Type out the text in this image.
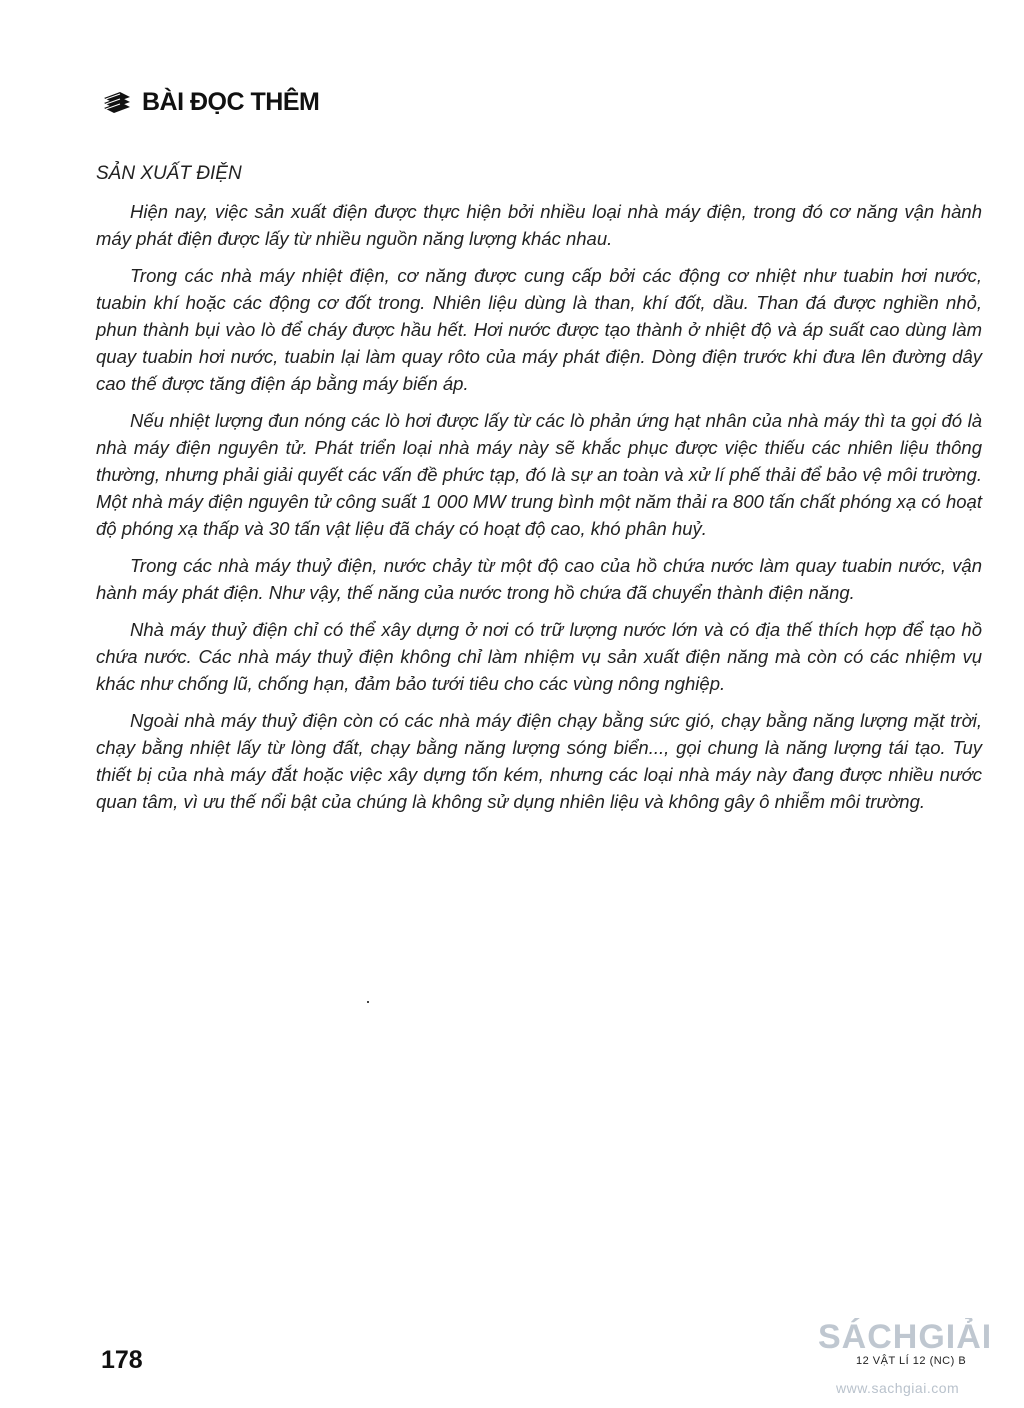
BÀI ĐỌC THÊM
SẢN XUẤT ĐIỆN

Hiện nay, việc sản xuất điện được thực hiện bởi nhiều loại nhà máy điện, trong đó cơ năng vận hành máy phát điện được lấy từ nhiều nguồn năng lượng khác nhau.

Trong các nhà máy nhiệt điện, cơ năng được cung cấp bởi các động cơ nhiệt như tuabin hơi nước, tuabin khí hoặc các động cơ đốt trong. Nhiên liệu dùng là than, khí đốt, dầu. Than đá được nghiền nhỏ, phun thành bụi vào lò để cháy được hầu hết. Hơi nước được tạo thành ở nhiệt độ và áp suất cao dùng làm quay tuabin hơi nước, tuabin lại làm quay rôto của máy phát điện. Dòng điện trước khi đưa lên đường dây cao thế được tăng điện áp bằng máy biến áp.

Nếu nhiệt lượng đun nóng các lò hơi được lấy từ các lò phản ứng hạt nhân của nhà máy thì ta gọi đó là nhà máy điện nguyên tử. Phát triển loại nhà máy này sẽ khắc phục được việc thiếu các nhiên liệu thông thường, nhưng phải giải quyết các vấn đề phức tạp, đó là sự an toàn và xử lí phế thải để bảo vệ môi trường. Một nhà máy điện nguyên tử công suất 1 000 MW trung bình một năm thải ra 800 tấn chất phóng xạ có hoạt độ phóng xạ thấp và 30 tấn vật liệu đã cháy có hoạt độ cao, khó phân huỷ.

Trong các nhà máy thuỷ điện, nước chảy từ một độ cao của hồ chứa nước làm quay tuabin nước, vận hành máy phát điện. Như vậy, thế năng của nước trong hồ chứa đã chuyển thành điện năng.

Nhà máy thuỷ điện chỉ có thể xây dựng ở nơi có trữ lượng nước lớn và có địa thế thích hợp để tạo hồ chứa nước. Các nhà máy thuỷ điện không chỉ làm nhiệm vụ sản xuất điện năng mà còn có các nhiệm vụ khác như chống lũ, chống hạn, đảm bảo tưới tiêu cho các vùng nông nghiệp.

Ngoài nhà máy thuỷ điện còn có các nhà máy điện chạy bằng sức gió, chạy bằng năng lượng mặt trời, chạy bằng nhiệt lấy từ lòng đất, chạy bằng năng lượng sóng biển..., gọi chung là năng lượng tái tạo. Tuy thiết bị của nhà máy đắt hoặc việc xây dựng tốn kém, nhưng các loại nhà máy này đang được nhiều nước quan tâm, vì ưu thế nổi bật của chúng là không sử dụng nhiên liệu và không gây ô nhiễm môi trường.

178
SÁCHGIẢI
12 VẬT LÍ 12 (NC) B
www.sachgiai.com
